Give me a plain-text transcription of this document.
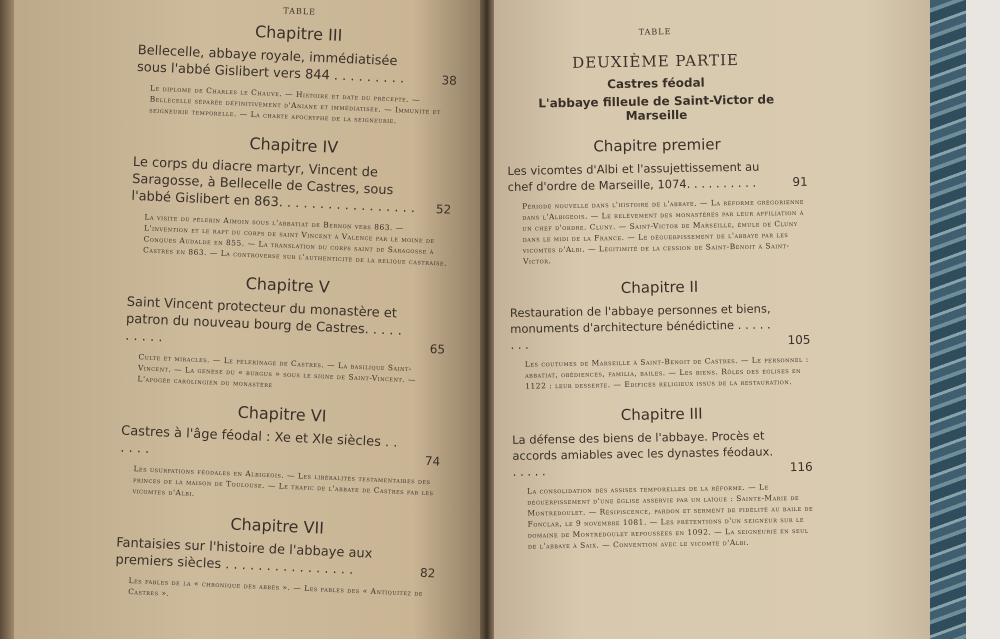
TABLE
Chapitre III
Bellecelle, abbaye royale, immédiatisée sous l'abbé Gislibert vers 844 . . . . . . . . .	38
Le diplome de Charles le Chauve. — Histoire et date du précepte. — Bellecelle séparée définitivement d'Aniane et immédiatisée. — Immunité et seigneurie temporelle. — La charte apocryphe de la seigneurie.
Chapitre IV
Le corps du diacre martyr, Vincent de Saragosse, à Bellecelle de Castres, sous l'abbé Gislibert en 863. . . . . . . . . . . . . . . . . 52
La visite du pèlerin Aimoin sous l'abbatiat de Bernon vers 863. — L'invention et le rapt du corps de saint Vincent à Valence par le moine de Conques Audalde en 855. — La translation du corps saint de Saragosse à Castres en 863. — La controverse sur l'authenticité de la relique castraise.
Chapitre V
Saint Vincent protecteur du monastère et patron du nouveau bourg de Castres. . . . . . . . . .
65
Culte et miracles. — Le pèlerinage de Castres. — La basilique Saint-Vincent. — La genèse du « burgus » sous le signe de Saint-Vincent. — L'apogée carolingien du monastère
Chapitre VI
Castres à l'âge féodal : Xe et XIe siècles . . . . . .
74
Les usurpations féodales en Albigeois. — Les libéralités testamentaires des princes de la maison de Toulouse. — Le trafic de l'abbaye de Castres par les vicomtes d'Albi.
Chapitre VII
Fantaisies sur l'histoire de l'abbaye aux premiers siècles . . . . . . . . . . . . . . . .	82
Les fables de la « chronique des abbés ». — Les fables des « Antiquitez de Castres ».
TABLE
DEUXIÈME PARTIE
Castres féodal
L'abbaye filleule de Saint-Victor de Marseille
Chapitre premier
Les vicomtes d'Albi et l'assujettissement au chef d'ordre de Marseille, 1074. . . . . . . . . .	91
Période nouvelle dans l'histoire de l'abbaye. — La réforme grégorienne dans l'Albigeois. — Le relèvement des monastères par leur affiliation à un chef d'ordre. Cluny. — Saint-Victor de Marseille, émule de Cluny dans le midi de la France. — Le déguerpissement de l'abbaye par les vicomtes d'Albi. — Légitimité de la cession de Saint-Benoit à Saint-Victor.
Chapitre II
Restauration de l'abbaye personnes et biens, monuments d'architecture bénédictine . . . . . . . .	105
Les coutumes de Marseille à Saint-Benoit de Castres. — Le personnel : abbatiat, obédiences, familia, bailes. — Les biens. Rôles des églises en 1122 : leur desserte. — Edifices religieux issus de la restauration.
Chapitre III
La défense des biens de l'abbaye. Procès et accords amiables avec les dynastes féodaux. . . . . .	116
La consolidation des assises temporelles de la réforme. — Le déguerpissement d'une église asservie par un laïque : Sainte-Marie de Montredoulet. — Résipiscence, pardon et serment de fidélité au baile de Fonclar, le 9 novembre 1081. — Les prétentions d'un seigneur sur le domaine de Montredoulet repoussées en 1092. — La seigneurie en seul de l'abbaye à Saix. — Convention avec le vicomte d'Albi.
